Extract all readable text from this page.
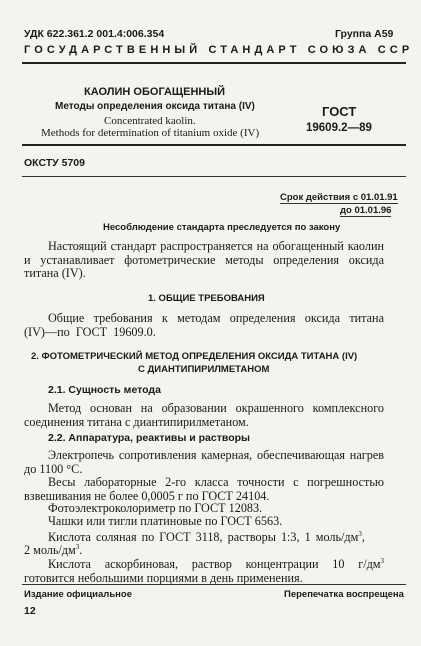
УДК 622.361.2 001.4:006.354	Группа А59
ГОСУДАРСТВЕННЫЙ СТАНДАРТ СОЮЗА ССР
КАОЛИН ОБОГАЩЕННЫЙ
Методы определения оксида титана (IV)
Concentrated kaolin.
Methods for determination of titanium oxide (IV)
ГОСТ
19609.2—89
ОКСТУ 5709
Срок действия с 01.01.91
до 01.01.96
Несоблюдение стандарта преследуется по закону
Настоящий стандарт распространяется на обогащенный каолин и устанавливает фотометрические методы определения оксида титана (IV).
1. ОБЩИЕ ТРЕБОВАНИЯ
Общие требования к методам определения оксида титана (IV)—по ГОСТ 19609.0.
2. ФОТОМЕТРИЧЕСКИЙ МЕТОД ОПРЕДЕЛЕНИЯ ОКСИДА ТИТАНА (IV)
С ДИАНТИПИРИЛМЕТАНОМ
2.1. Сущность метода
Метод основан на образовании окрашенного комплексного соединения титана с диантипирилметаном.
2.2. Аппаратура, реактивы и растворы
Электропечь сопротивления камерная, обеспечивающая нагрев до 1100 °С.
Весы лабораторные 2-го класса точности с погрешностью взвешивания не более 0,0005 г по ГОСТ 24104.
Фотоэлектроколориметр по ГОСТ 12083.
Чашки или тигли платиновые по ГОСТ 6563.
Кислота соляная по ГОСТ 3118, растворы 1:3, 1 моль/$дм^3$,
2 моль/$дм^3$.
Кислота аскорбиновая, раствор концентрации 10 $г/дм^3$ готовится небольшими порциями в день применения.
Издание официальное	Перепечатка воспрещена
12
